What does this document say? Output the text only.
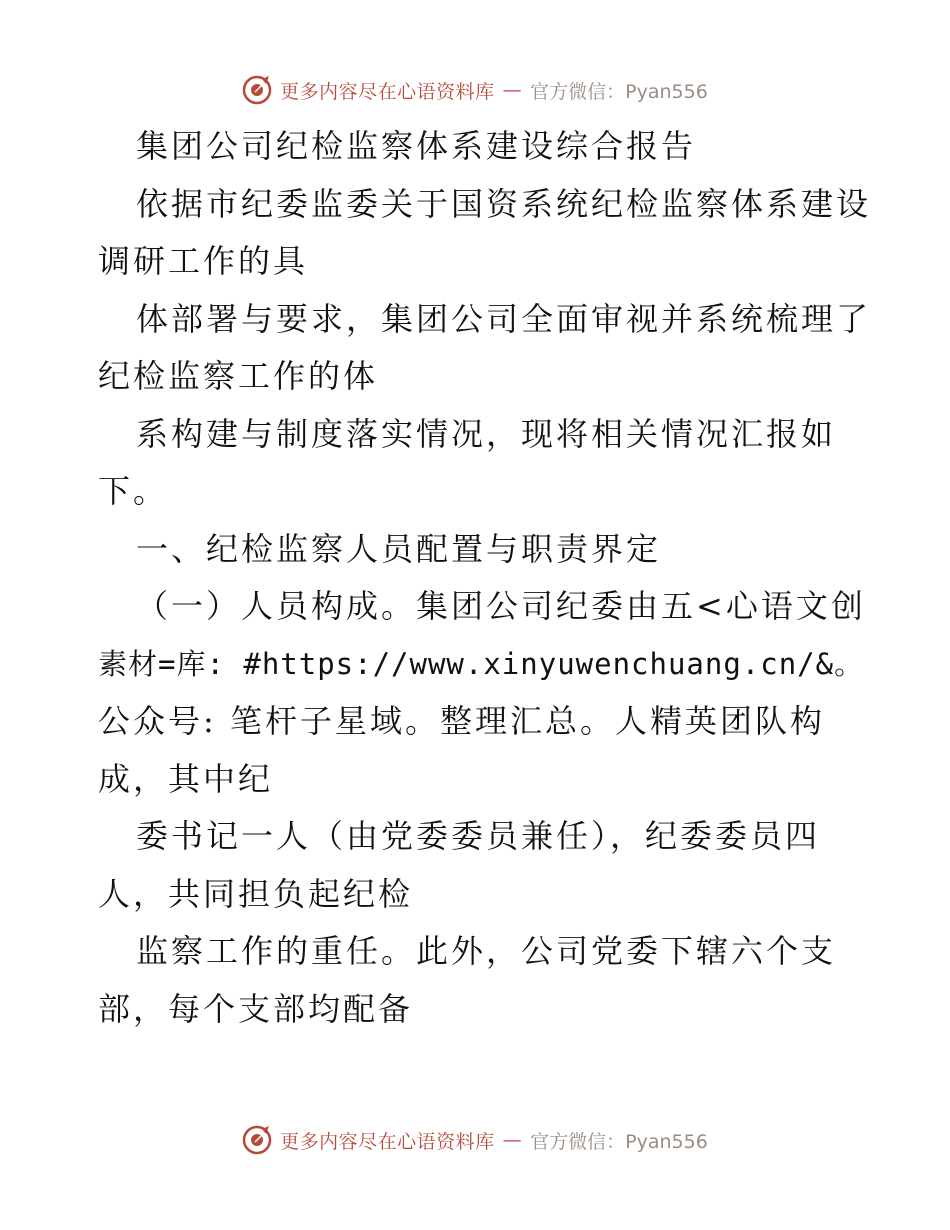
更多内容尽在心语资料库 — 官方微信：Pyan556
集团公司纪检监察体系建设综合报告
依据市纪委监委关于国资系统纪检监察体系建设
调研工作的具
体部署与要求，集团公司全面审视并系统梳理了
纪检监察工作的体
系构建与制度落实情况，现将相关情况汇报如
下。
一、纪检监察人员配置与职责界定
（一）人员构成。集团公司纪委由五<心语文创
素材=库: #https://www.xinyuwenchuang.cn/&。
公众号: 笔杆子星域。整理汇总。人精英团队构
成，其中纪
委书记一人（由党委委员兼任），纪委委员四
人，共同担负起纪检
监察工作的重任。此外，公司党委下辖六个支
部，每个支部均配备
更多内容尽在心语资料库 — 官方微信：Pyan556
